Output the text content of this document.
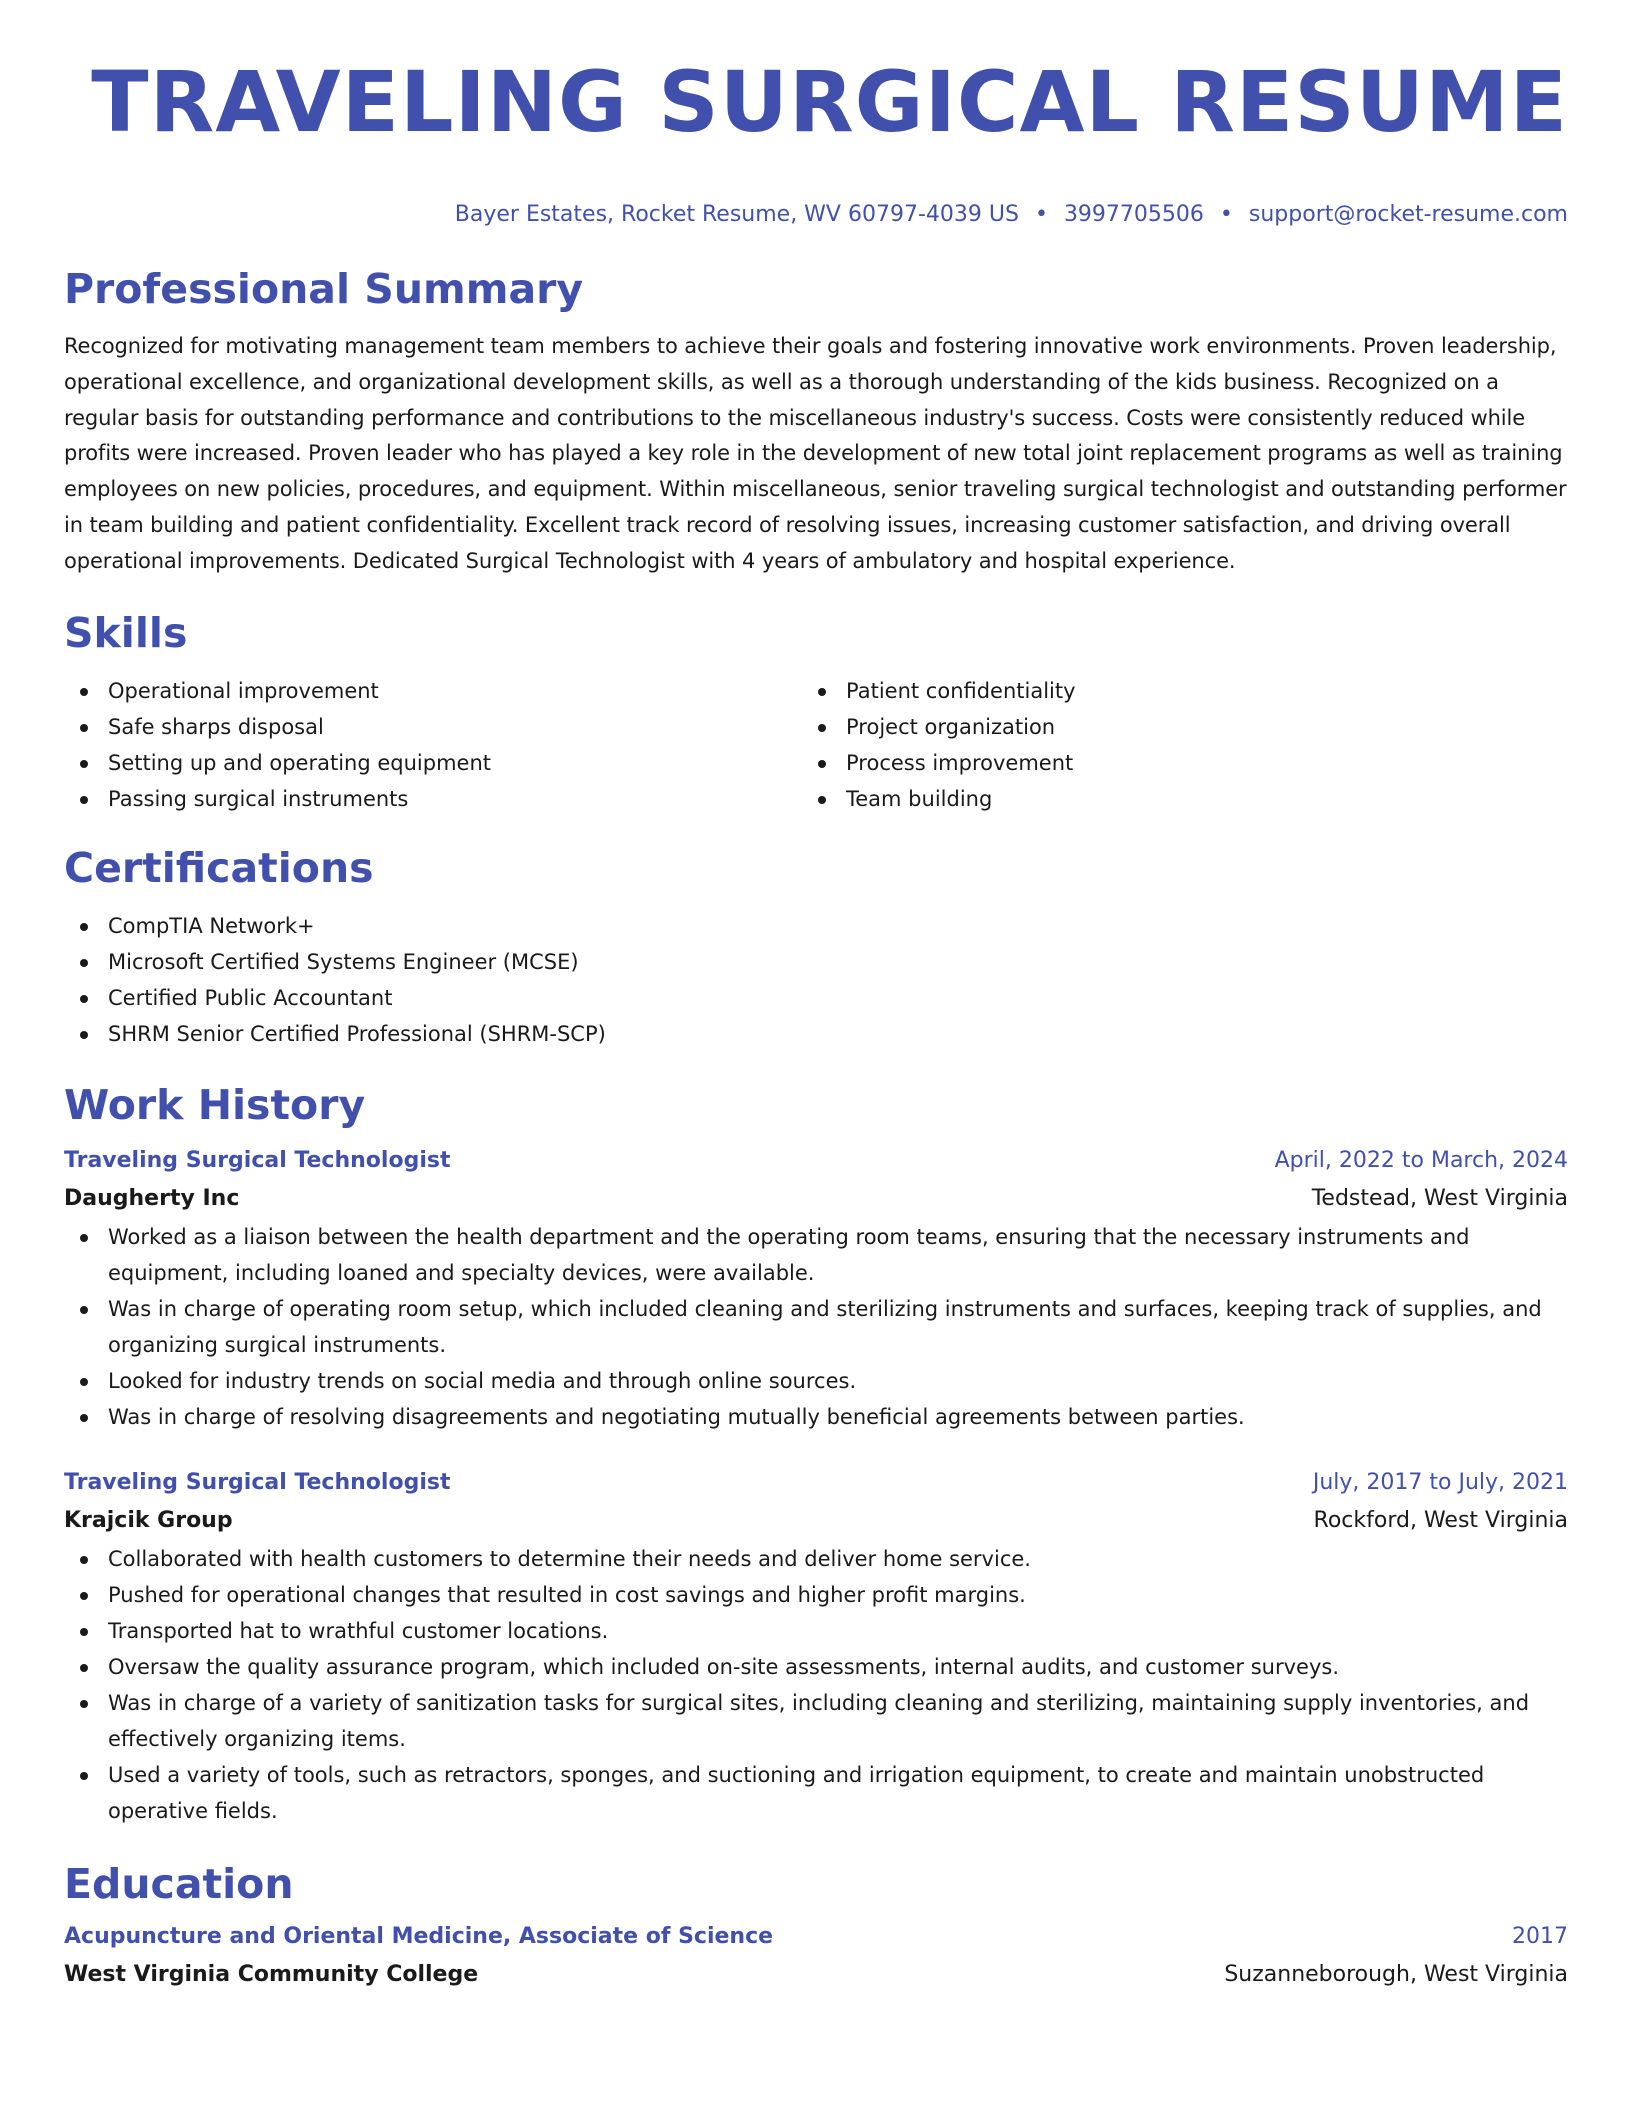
TRAVELING SURGICAL RESUME
Bayer Estates, Rocket Resume, WV 60797-4039 US • 3997705506 • support@rocket-resume.com
Professional Summary

Recognized for motivating management team members to achieve their goals and fostering innovative work environments. Proven leadership, operational excellence, and organizational development skills, as well as a thorough understanding of the kids business. Recognized on a regular basis for outstanding performance and contributions to the miscellaneous industry's success. Costs were consistently reduced while profits were increased. Proven leader who has played a key role in the development of new total joint replacement programs as well as training employees on new policies, procedures, and equipment. Within miscellaneous, senior traveling surgical technologist and outstanding performer in team building and patient confidentiality. Excellent track record of resolving issues, increasing customer satisfaction, and driving overall operational improvements. Dedicated Surgical Technologist with 4 years of ambulatory and hospital experience.

Skills
Operational improvement
Safe sharps disposal
Setting up and operating equipment
Passing surgical instruments
Patient confidentiality
Project organization
Process improvement
Team building
Certifications
CompTIA Network+
Microsoft Certified Systems Engineer (MCSE)
Certified Public Accountant
SHRM Senior Certified Professional (SHRM-SCP)
Work History
Traveling Surgical Technologist	April, 2022 to March, 2024
Daugherty Inc	Tedstead, West Virginia
Worked as a liaison between the health department and the operating room teams, ensuring that the necessary instruments and equipment, including loaned and specialty devices, were available.
Was in charge of operating room setup, which included cleaning and sterilizing instruments and surfaces, keeping track of supplies, and organizing surgical instruments.
Looked for industry trends on social media and through online sources.
Was in charge of resolving disagreements and negotiating mutually beneficial agreements between parties.
Traveling Surgical Technologist	July, 2017 to July, 2021
Krajcik Group	Rockford, West Virginia
Collaborated with health customers to determine their needs and deliver home service.
Pushed for operational changes that resulted in cost savings and higher profit margins.
Transported hat to wrathful customer locations.
Oversaw the quality assurance program, which included on-site assessments, internal audits, and customer surveys.
Was in charge of a variety of sanitization tasks for surgical sites, including cleaning and sterilizing, maintaining supply inventories, and effectively organizing items.
Used a variety of tools, such as retractors, sponges, and suctioning and irrigation equipment, to create and maintain unobstructed operative fields.
Education
Acupuncture and Oriental Medicine, Associate of Science	2017
West Virginia Community College	Suzanneborough, West Virginia
